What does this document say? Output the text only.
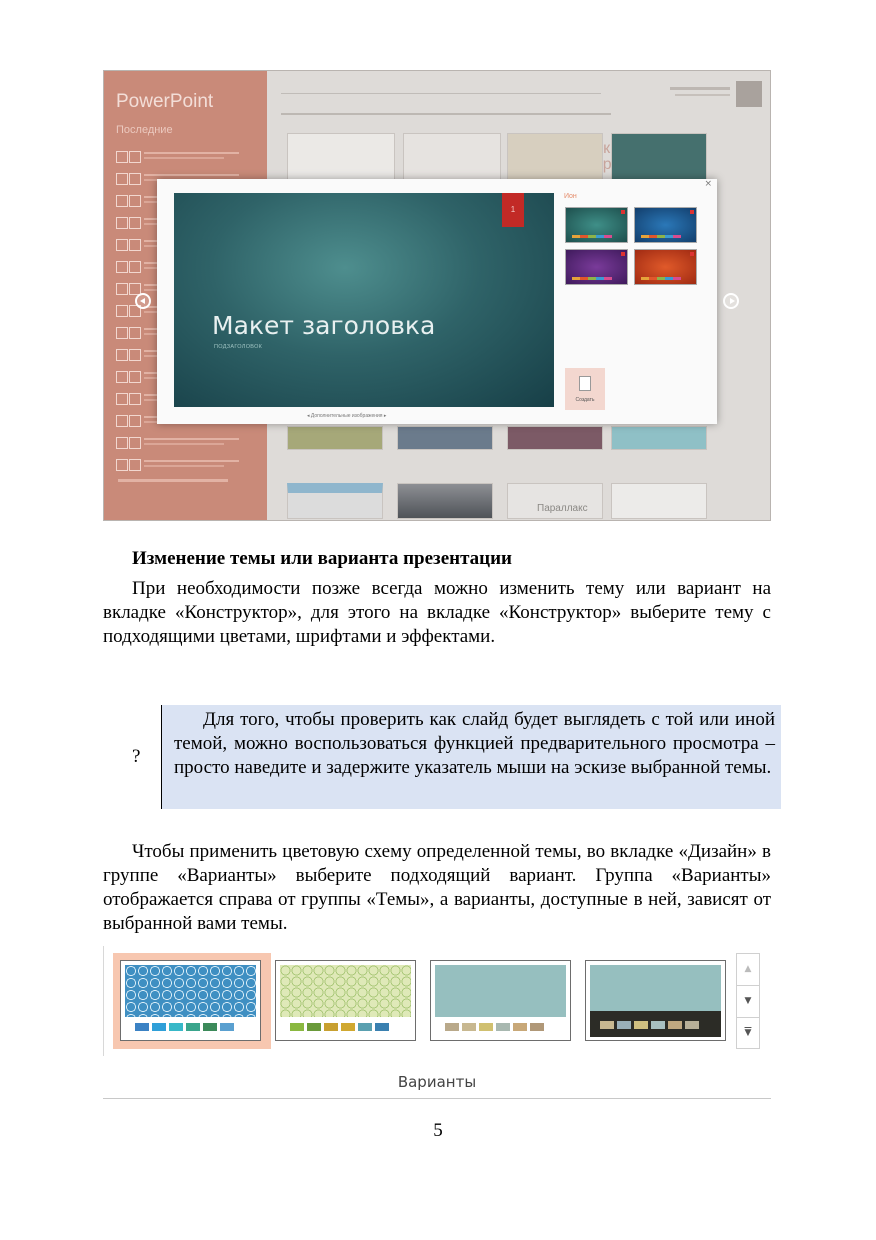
PowerPoint
Последние
Параллакс
×
1
Макет заголовка
ПОДЗАГОЛОВОК
◂ Дополнительные изображения ▸
Ион
Создать
Изменение темы или варианта презентации
При необходимости позже всегда можно изменить тему или вариант на вкладке «Конструктор», для этого на вкладке «Конструктор» выберите тему с подходящими цветами, шрифтами и эффектами.
?

Для того, чтобы проверить как слайд будет выглядеть с той или иной темой, можно воспользоваться функцией предварительного просмотра – просто наведите и задержите указатель мыши на эскизе выбранной темы.

Чтобы применить цветовую схему определенной темы, во вкладке «Дизайн» в группе «Варианты» выберите подходящий вариант. Группа «Варианты» отображается справа от группы «Темы», а варианты, доступные в ней, зависят от выбранной вами темы.
▲
▼
▼
Варианты
5
